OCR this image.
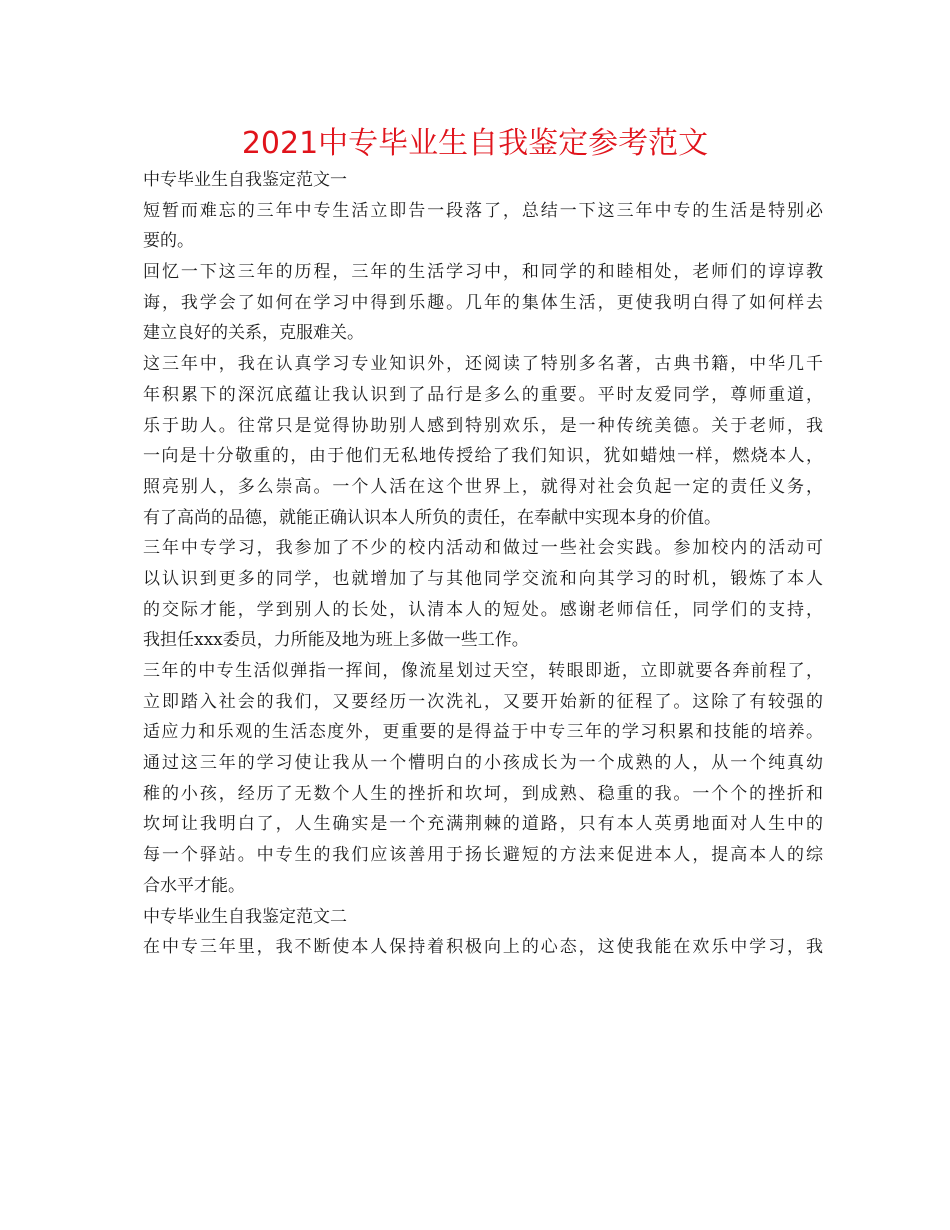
2021中专毕业生自我鉴定参考范文
中专毕业生自我鉴定范文一
短暂而难忘的三年中专生活立即告一段落了，总结一下这三年中专的生活是特别必
要的。
回忆一下这三年的历程，三年的生活学习中，和同学的和睦相处，老师们的谆谆教
诲，我学会了如何在学习中得到乐趣。几年的集体生活，更使我明白得了如何样去
建立良好的关系，克服难关。
这三年中，我在认真学习专业知识外，还阅读了特别多名著，古典书籍，中华几千
年积累下的深沉底蕴让我认识到了品行是多么的重要。平时友爱同学，尊师重道，
乐于助人。往常只是觉得协助别人感到特别欢乐，是一种传统美德。关于老师，我
一向是十分敬重的，由于他们无私地传授给了我们知识，犹如蜡烛一样，燃烧本人，
照亮别人，多么崇高。一个人活在这个世界上，就得对社会负起一定的责任义务，
有了高尚的品德，就能正确认识本人所负的责任，在奉献中实现本身的价值。
三年中专学习，我参加了不少的校内活动和做过一些社会实践。参加校内的活动可
以认识到更多的同学，也就增加了与其他同学交流和向其学习的时机，锻炼了本人
的交际才能，学到别人的长处，认清本人的短处。感谢老师信任，同学们的支持，
我担任xxx委员，力所能及地为班上多做一些工作。
三年的中专生活似弹指一挥间，像流星划过天空，转眼即逝，立即就要各奔前程了，
立即踏入社会的我们，又要经历一次洗礼，又要开始新的征程了。这除了有较强的
适应力和乐观的生活态度外，更重要的是得益于中专三年的学习积累和技能的培养。
通过这三年的学习使让我从一个懵明白的小孩成长为一个成熟的人，从一个纯真幼
稚的小孩，经历了无数个人生的挫折和坎坷，到成熟、稳重的我。一个个的挫折和
坎坷让我明白了，人生确实是一个充满荆棘的道路，只有本人英勇地面对人生中的
每一个驿站。中专生的我们应该善用于扬长避短的方法来促进本人，提高本人的综
合水平才能。
中专毕业生自我鉴定范文二
在中专三年里，我不断使本人保持着积极向上的心态，这使我能在欢乐中学习，我
